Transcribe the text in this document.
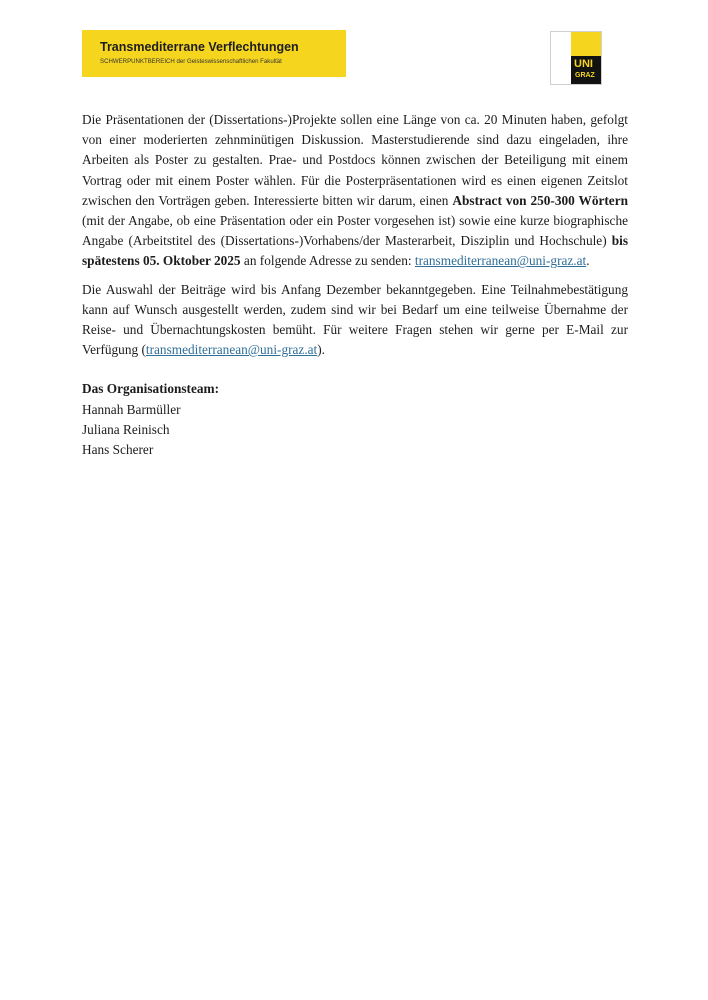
Transmediterrane Verflechtungen
SCHWERPUNKTBEREICH der Geisteswissenschaftlichen Fakultät	UNI
GRAZ

Die Präsentationen der (Dissertations-)Projekte sollen eine Länge von ca. 20 Minuten haben, gefolgt von einer moderierten zehnminütigen Diskussion. Masterstudierende sind dazu eingeladen, ihre Arbeiten als Poster zu gestalten. Prae- und Postdocs können zwischen der Beteiligung mit einem Vortrag oder mit einem Poster wählen. Für die Posterpräsentationen wird es einen eigenen Zeitslot zwischen den Vorträgen geben. Interessierte bitten wir darum, einen Abstract von 250-300 Wörtern (mit der Angabe, ob eine Präsentation oder ein Poster vorgesehen ist) sowie eine kurze biographische Angabe (Arbeitstitel des (Dissertations-)Vorhabens/der Masterarbeit, Disziplin und Hochschule) bis spätestens 05. Oktober 2025 an folgende Adresse zu senden: transmediterranean@uni-graz.at.

Die Auswahl der Beiträge wird bis Anfang Dezember bekanntgegeben. Eine Teilnahmebestätigung kann auf Wunsch ausgestellt werden, zudem sind wir bei Bedarf um eine teilweise Übernahme der Reise- und Übernachtungskosten bemüht. Für weitere Fragen stehen wir gerne per E-Mail zur Verfügung (transmediterranean@uni-graz.at).

Das Organisationsteam:
Hannah Barmüller
Juliana Reinisch
Hans Scherer
